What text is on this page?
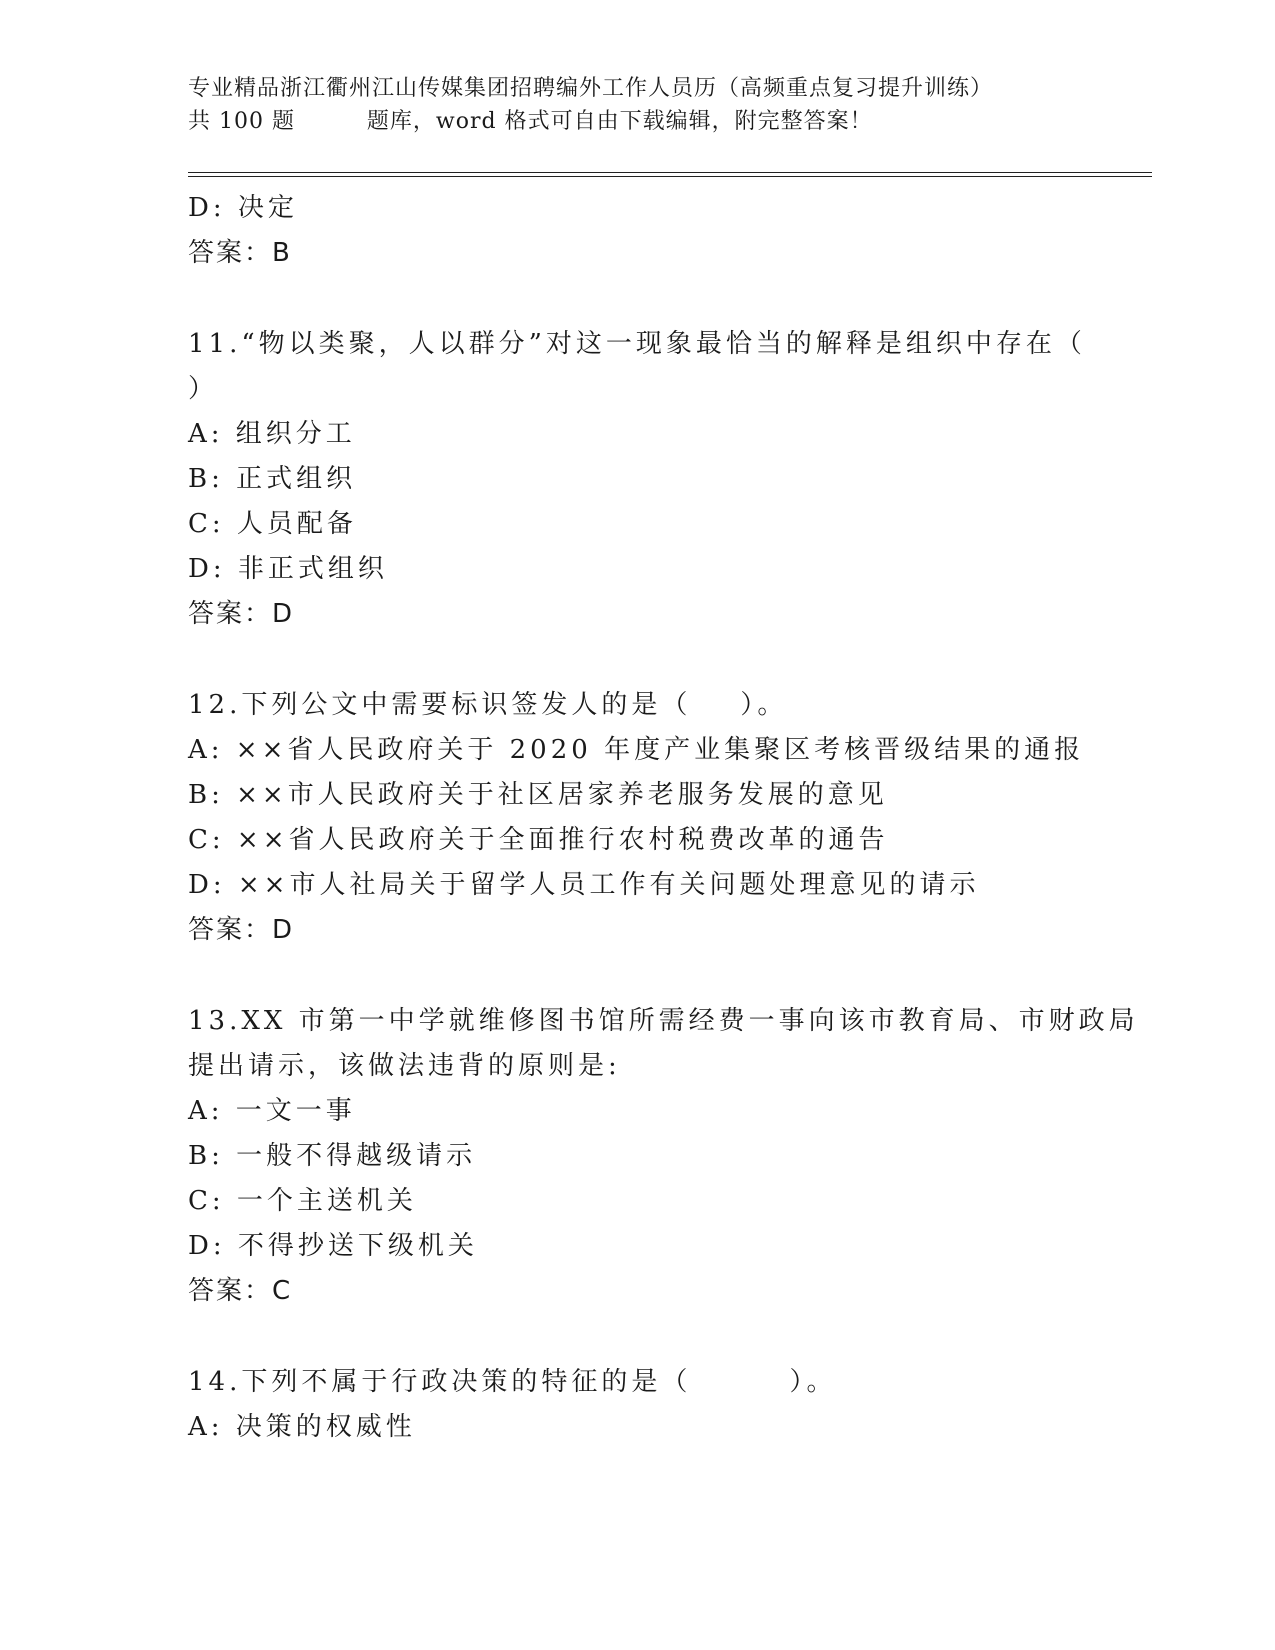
专业精品浙江衢州江山传媒集团招聘编外工作人员历（高频重点复习提升训练）
共 100 题         题库，word 格式可自由下载编辑，附完整答案！

D: 决定

答案：B

11.“物以类聚，人以群分”对这一现象最恰当的解释是组织中存在（

）

A: 组织分工

B: 正式组织

C: 人员配备

D: 非正式组织

答案：D

12.下列公文中需要标识签发人的是（    ）。

A: ××省人民政府关于 2020 年度产业集聚区考核晋级结果的通报

B: ××市人民政府关于社区居家养老服务发展的意见

C: ××省人民政府关于全面推行农村税费改革的通告

D: ××市人社局关于留学人员工作有关问题处理意见的请示

答案：D

13.XX 市第一中学就维修图书馆所需经费一事向该市教育局、市财政局

提出请示，该做法违背的原则是:

A: 一文一事

B: 一般不得越级请示

C: 一个主送机关

D: 不得抄送下级机关

答案：C

14.下列不属于行政决策的特征的是（        ）。

A: 决策的权威性
